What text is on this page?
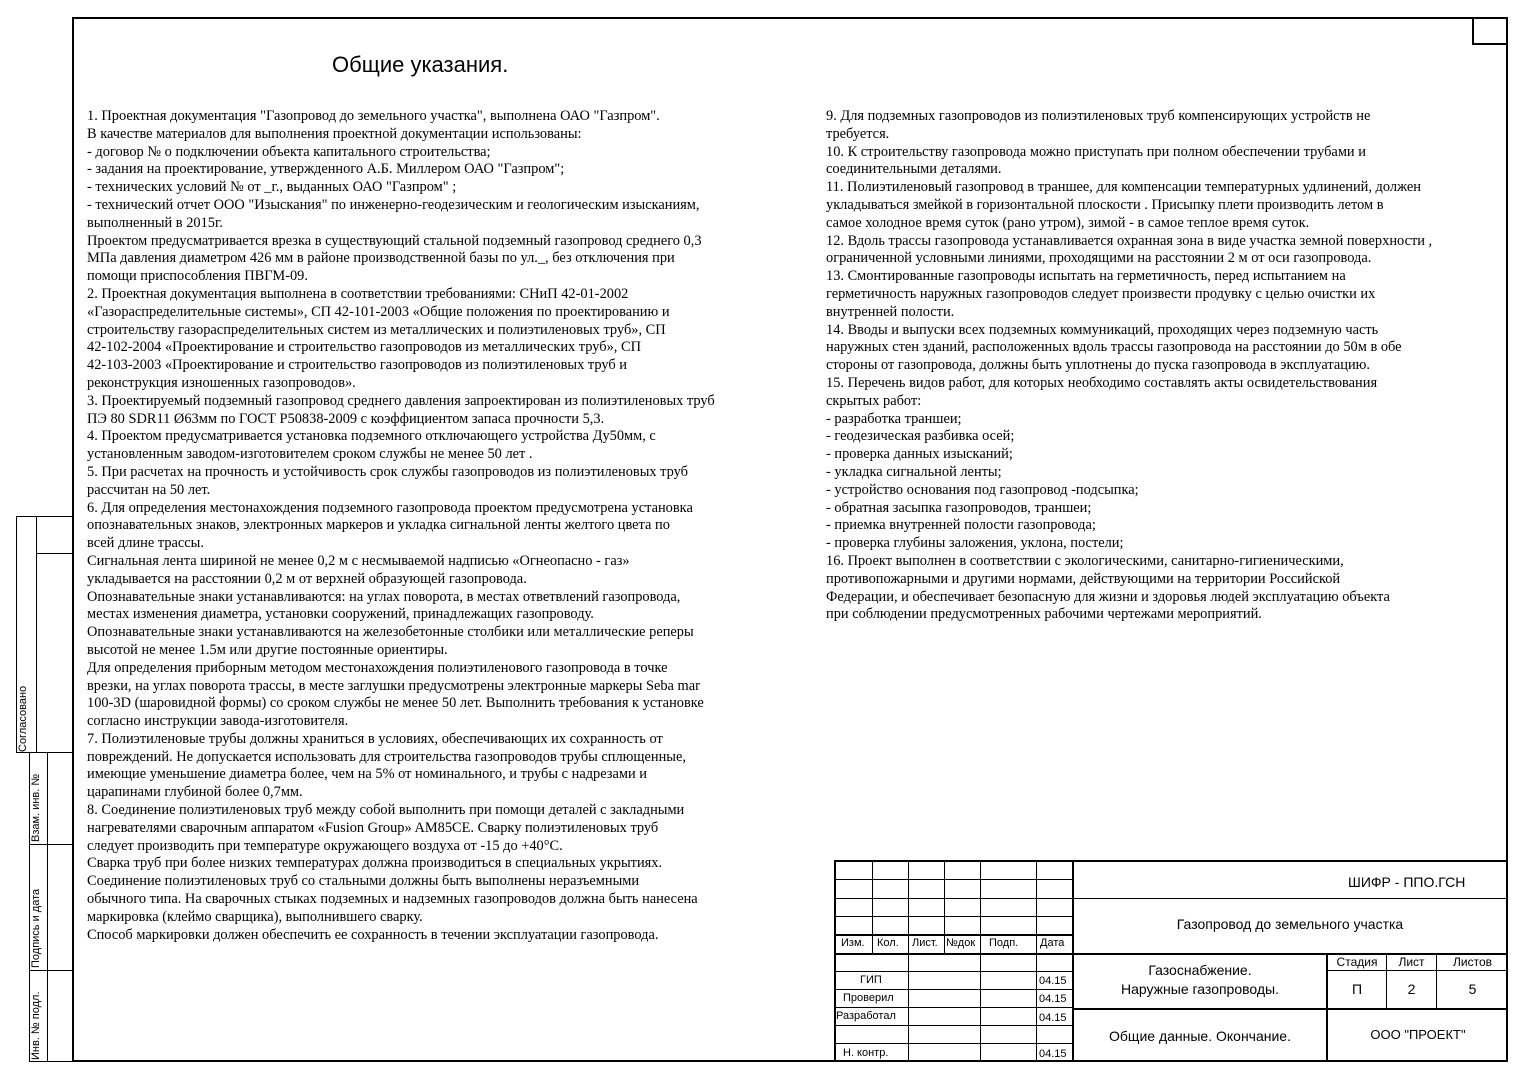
Общие указания.
1. Проектная документация "Газопровод до земельного участка", выполнена ОАО "Газпром".
В качестве материалов для выполнения проектной документации использованы:
- договор № о подключении объекта капитального строительства;
- задания на проектирование, утвержденного А.Б. Миллером ОАО "Газпром";
- технических условий № от _г., выданных ОАО "Газпром" ;
- технический отчет ООО "Изыскания" по инженерно-геодезическим и геологическим изысканиям,
выполненный в 2015г.
Проектом предусматривается врезка в существующий стальной подземный газопровод среднего 0,3
МПа давления диаметром 426 мм в районе производственной базы по ул._, без отключения при
помощи приспособления ПВГМ-09.
2. Проектная документация выполнена в соответствии требованиями: СНиП 42-01-2002
«Газораспределительные системы», СП 42-101-2003 «Общие положения по проектированию и
строительству газораспределительных систем из металлических и полиэтиленовых труб», СП
42-102-2004 «Проектирование и строительство газопроводов из металлических труб», СП
42-103-2003 «Проектирование и строительство газопроводов из полиэтиленовых труб и
реконструкция изношенных газопроводов».
3. Проектируемый подземный газопровод среднего давления запроектирован из полиэтиленовых труб
ПЭ 80 SDR11 Ø63мм по ГОСТ Р50838-2009 с коэффициентом запаса прочности 5,3.
4. Проектом предусматривается установка подземного отключающего устройства Ду50мм, с
установленным заводом-изготовителем сроком службы не менее 50 лет .
5. При расчетах на прочность и устойчивость срок службы газопроводов из полиэтиленовых труб
рассчитан на 50 лет.
6. Для определения местонахождения подземного газопровода проектом предусмотрена установка
опознавательных знаков, электронных маркеров и укладка сигнальной ленты желтого цвета по
всей длине трассы.
Сигнальная лента шириной не менее 0,2 м с несмываемой надписью «Огнеопасно - газ»
укладывается на расстоянии 0,2 м от верхней образующей газопровода.
Опознавательные знаки устанавливаются: на углах поворота, в местах ответвлений газопровода,
местах изменения диаметра, установки сооружений, принадлежащих газопроводу.
Опознавательные знаки устанавливаются на железобетонные столбики или металлические реперы
высотой не менее 1.5м или другие постоянные ориентиры.
Для определения приборным методом местонахождения полиэтиленового газопровода в точке
врезки, на углах поворота трассы, в месте заглушки предусмотрены электронные маркеры Seba mar
100-3D (шаровидной формы) со сроком службы не менее 50 лет. Выполнить требования к установке
согласно инструкции завода-изготовителя.
7. Полиэтиленовые трубы должны храниться в условиях, обеспечивающих их сохранность от
повреждений. Не допускается использовать для строительства газопроводов трубы сплющенные,
имеющие уменьшение диаметра более, чем на 5% от номинального, и трубы с надрезами и
царапинами глубиной более 0,7мм.
8. Соединение полиэтиленовых труб между собой выполнить при помощи деталей с закладными
нагревателями сварочным аппаратом «Fusion Group» AM85CE. Сварку полиэтиленовых труб
следует производить при температуре окружающего воздуха от -15 до +40°С.
Сварка труб при более низких температурах должна производиться в специальных укрытиях.
Соединение полиэтиленовых труб со стальными должны быть выполнены неразъемными
обычного типа. На сварочных стыках подземных и надземных газопроводов должна быть нанесена
маркировка (клеймо сварщика), выполнившего сварку.
Способ маркировки должен обеспечить ее сохранность в течении эксплуатации газопровода.
9. Для подземных газопроводов из полиэтиленовых труб компенсирующих устройств не
требуется.
10. К строительству газопровода можно приступать при полном обеспечении трубами и
соединительными деталями.
11. Полиэтиленовый газопровод в траншее, для компенсации температурных удлинений, должен
укладываться змейкой в горизонтальной плоскости . Присыпку плети производить летом в
самое холодное время суток (рано утром), зимой - в самое теплое время суток.
12. Вдоль трассы газопровода устанавливается охранная зона в виде участка земной поверхности ,
ограниченной условными линиями, проходящими на расстоянии 2 м от оси газопровода.
13. Смонтированные газопроводы испытать на герметичность, перед испытанием на
герметичность наружных газопроводов следует произвести продувку с целью очистки их
внутренней полости.
14. Вводы и выпуски всех подземных коммуникаций, проходящих через подземную часть
наружных стен зданий, расположенных вдоль трассы газопровода на расстоянии до 50м в обе
стороны от газопровода, должны быть уплотнены до пуска газопровода в эксплуатацию.
15. Перечень видов работ, для которых необходимо составлять акты освидетельствования
скрытых работ:
- разработка траншеи;
- геодезическая разбивка осей;
- проверка данных изысканий;
- укладка сигнальной ленты;
- устройство основания под газопровод -подсыпка;
- обратная засыпка газопроводов, траншеи;
- приемка внутренней полости газопровода;
- проверка глубины заложения, уклона, постели;
16. Проект выполнен в соответствии с экологическими, санитарно-гигиеническими,
противопожарными и другими нормами, действующими на территории Российской
Федерации, и обеспечивает безопасную для жизни и здоровья людей эксплуатацию объекта
при соблюдении предусмотренных рабочими чертежами мероприятий.
Согласовано
Взам. инв. №
Подпись и дата
Инв. № подл.
Изм. Кол. Лист. №док Подп. Дата
ГИП	04.15
Проверил	04.15
Разработал	04.15
Н. контр.	04.15
ШИФР - ППО.ГСН
Газопровод до земельного участка
Газоснабжение.
Наружные газопроводы.
Общие данные. Окончание.
Стадия	Лист	Листов
П	2	5
ООО "ПРОЕКТ"
